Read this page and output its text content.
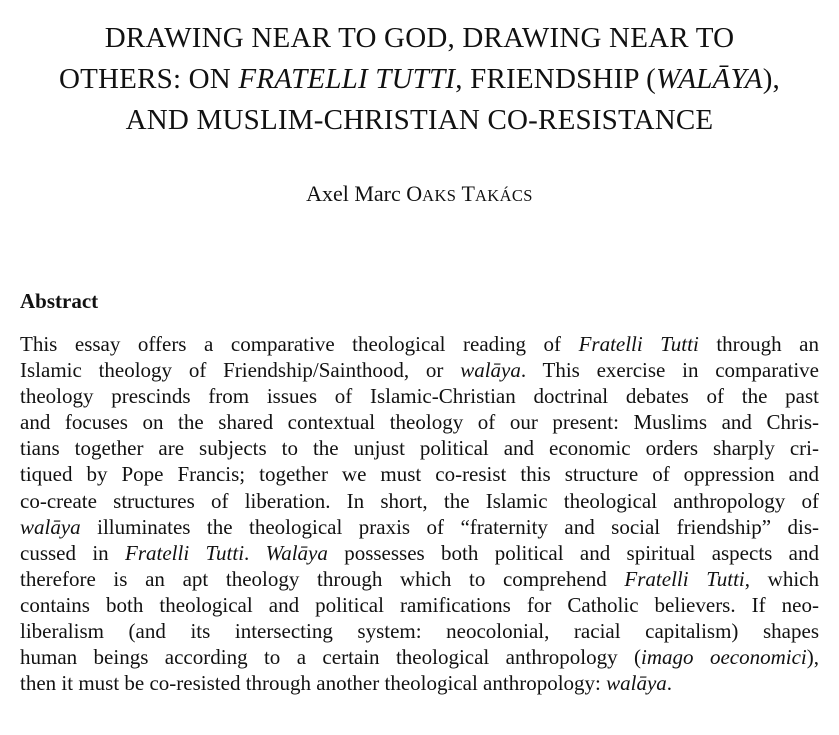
DRAWING NEAR TO GOD, DRAWING NEAR TO
OTHERS: ON FRATELLI TUTTI, FRIENDSHIP (WALĀYA),
AND MUSLIM-CHRISTIAN CO-RESISTANCE
Axel Marc OAKS TAKÁCS
Abstract
This essay offers a comparative theological reading of Fratelli Tutti through an
Islamic theology of Friendship/Sainthood, or walāya. This exercise in comparative
theology prescinds from issues of Islamic-Christian doctrinal debates of the past
and focuses on the shared contextual theology of our present: Muslims and Chris-
tians together are subjects to the unjust political and economic orders sharply cri-
tiqued by Pope Francis; together we must co-resist this structure of oppression and
co-create structures of liberation. In short, the Islamic theological anthropology of
walāya illuminates the theological praxis of “fraternity and social friendship” dis-
cussed in Fratelli Tutti. Walāya possesses both political and spiritual aspects and
therefore is an apt theology through which to comprehend Fratelli Tutti, which
contains both theological and political ramifications for Catholic believers. If neo-
liberalism (and its intersecting system: neocolonial, racial capitalism) shapes
human beings according to a certain theological anthropology (imago oeconomici),
then it must be co-resisted through another theological anthropology: walāya.
